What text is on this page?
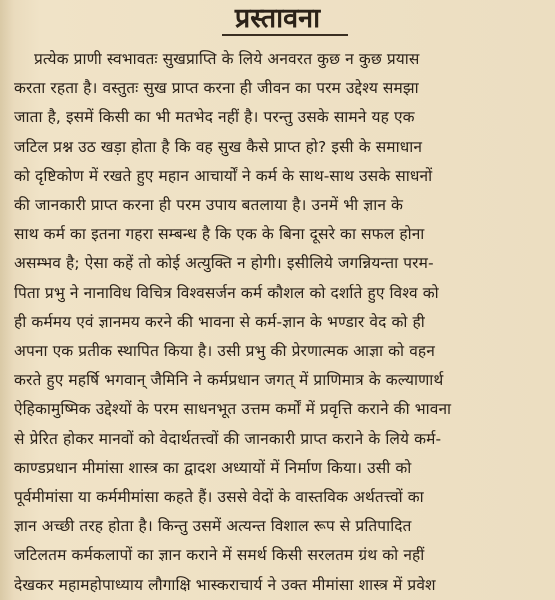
प्रस्तावना
प्रत्येक प्राणी स्वभावतः सुखप्राप्ति के लिये अनवरत कुछ न कुछ प्रयास
करता रहता है। वस्तुतः सुख प्राप्त करना ही जीवन का परम उद्देश्य समझा
जाता है, इसमें किसी का भी मतभेद नहीं है। परन्तु उसके सामने यह एक
जटिल प्रश्न उठ खड़ा होता है कि वह सुख कैसे प्राप्त हो? इसी के समाधान
को दृष्टिकोण में रखते हुए महान आचार्यों ने कर्म के साथ-साथ उसके साधनों
की जानकारी प्राप्त करना ही परम उपाय बतलाया है। उनमें भी ज्ञान के
साथ कर्म का इतना गहरा सम्बन्ध है कि एक के बिना दूसरे का सफल होना
असम्भव है; ऐसा कहें तो कोई अत्युक्ति न होगी। इसीलिये जगन्नियन्ता परम-
पिता प्रभु ने नानाविध विचित्र विश्वसर्जन कर्म कौशल को दर्शाते हुए विश्व को
ही कर्ममय एवं ज्ञानमय करने की भावना से कर्म-ज्ञान के भण्डार वेद को ही
अपना एक प्रतीक स्थापित किया है। उसी प्रभु की प्रेरणात्मक आज्ञा को वहन
करते हुए महर्षि भगवान् जैमिनि ने कर्मप्रधान जगत् में प्राणिमात्र के कल्याणार्थ
ऐहिकामुष्मिक उद्देश्यों के परम साधनभूत उत्तम कर्मों में प्रवृत्ति कराने की भावना
से प्रेरित होकर मानवों को वेदार्थतत्त्वों की जानकारी प्राप्त कराने के लिये कर्म-
काण्डप्रधान मीमांसा शास्त्र का द्वादश अध्यायों में निर्माण किया। उसी को
पूर्वमीमांसा या कर्ममीमांसा कहते हैं। उससे वेदों के वास्तविक अर्थतत्त्वों का
ज्ञान अच्छी तरह होता है। किन्तु उसमें अत्यन्त विशाल रूप से प्रतिपादित
जटिलतम कर्मकलापों का ज्ञान कराने में समर्थ किसी सरलतम ग्रंथ को नहीं
देखकर महामहोपाध्याय लौगाक्षि भास्कराचार्य ने उक्त मीमांसा शास्त्र में प्रवेश
